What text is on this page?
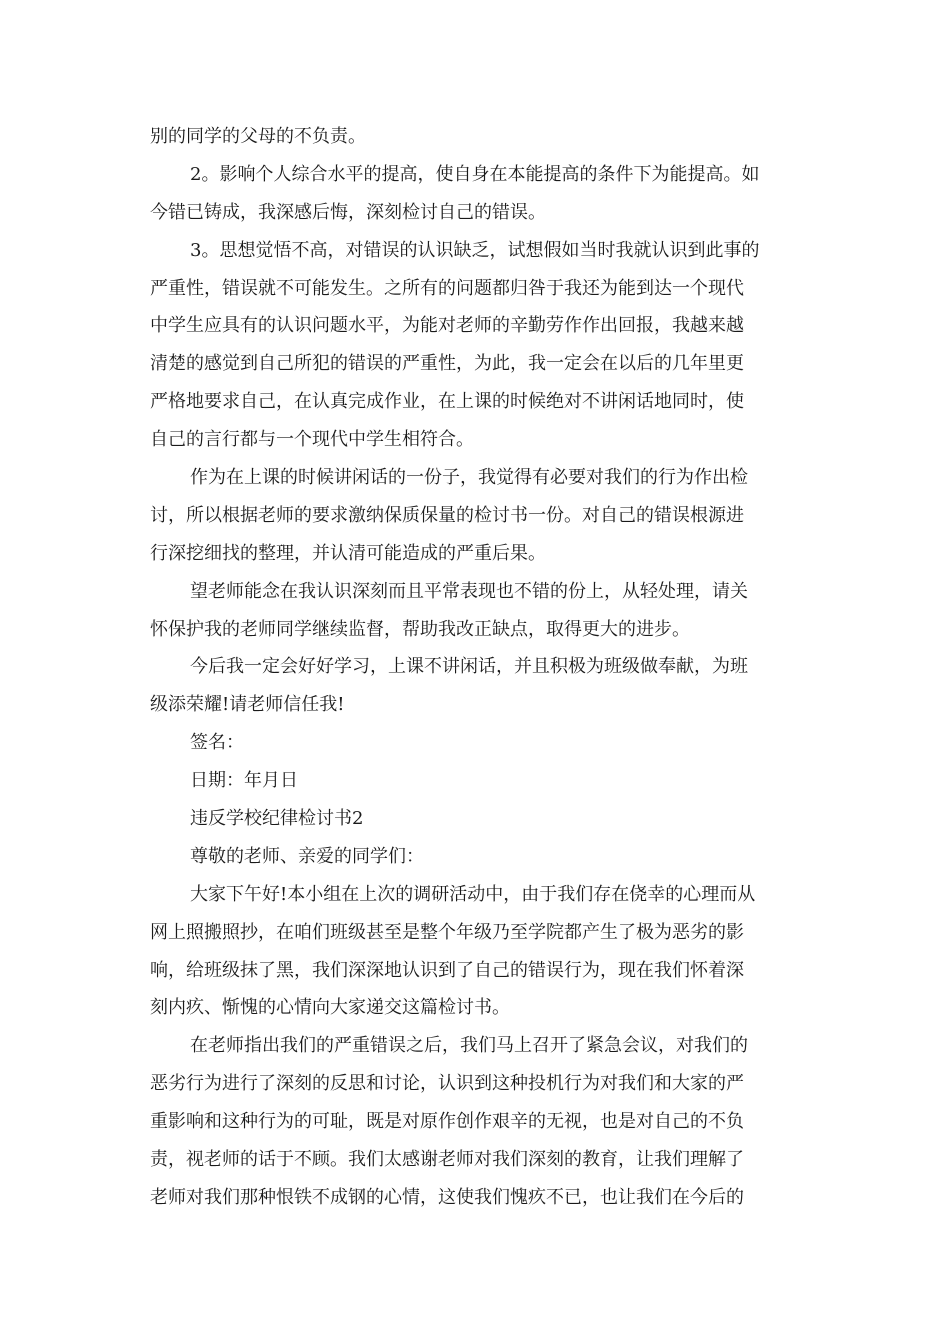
别的同学的父母的不负责。
2。影响个人综合水平的提高，使自身在本能提高的条件下为能提高。如
今错已铸成，我深感后悔，深刻检讨自己的错误。
3。思想觉悟不高，对错误的认识缺乏，试想假如当时我就认识到此事的
严重性，错误就不可能发生。之所有的问题都归咎于我还为能到达一个现代
中学生应具有的认识问题水平，为能对老师的辛勤劳作作出回报，我越来越
清楚的感觉到自己所犯的错误的严重性，为此，我一定会在以后的几年里更
严格地要求自己，在认真完成作业，在上课的时候绝对不讲闲话地同时，使
自己的言行都与一个现代中学生相符合。
作为在上课的时候讲闲话的一份子，我觉得有必要对我们的行为作出检
讨，所以根据老师的要求激纳保质保量的检讨书一份。对自己的错误根源进
行深挖细找的整理，并认清可能造成的严重后果。
望老师能念在我认识深刻而且平常表现也不错的份上，从轻处理，请关
怀保护我的老师同学继续监督，帮助我改正缺点，取得更大的进步。
今后我一定会好好学习，上课不讲闲话，并且积极为班级做奉献，为班
级添荣耀!请老师信任我!
签名：
日期：年月日
违反学校纪律检讨书2
尊敬的老师、亲爱的同学们：
大家下午好!本小组在上次的调研活动中，由于我们存在侥幸的心理而从
网上照搬照抄，在咱们班级甚至是整个年级乃至学院都产生了极为恶劣的影
响，给班级抹了黑，我们深深地认识到了自己的错误行为，现在我们怀着深
刻内疚、惭愧的心情向大家递交这篇检讨书。
在老师指出我们的严重错误之后，我们马上召开了紧急会议，对我们的
恶劣行为进行了深刻的反思和讨论，认识到这种投机行为对我们和大家的严
重影响和这种行为的可耻，既是对原作创作艰辛的无视，也是对自己的不负
责，视老师的话于不顾。我们太感谢老师对我们深刻的教育，让我们理解了
老师对我们那种恨铁不成钢的心情，这使我们愧疚不已，也让我们在今后的
